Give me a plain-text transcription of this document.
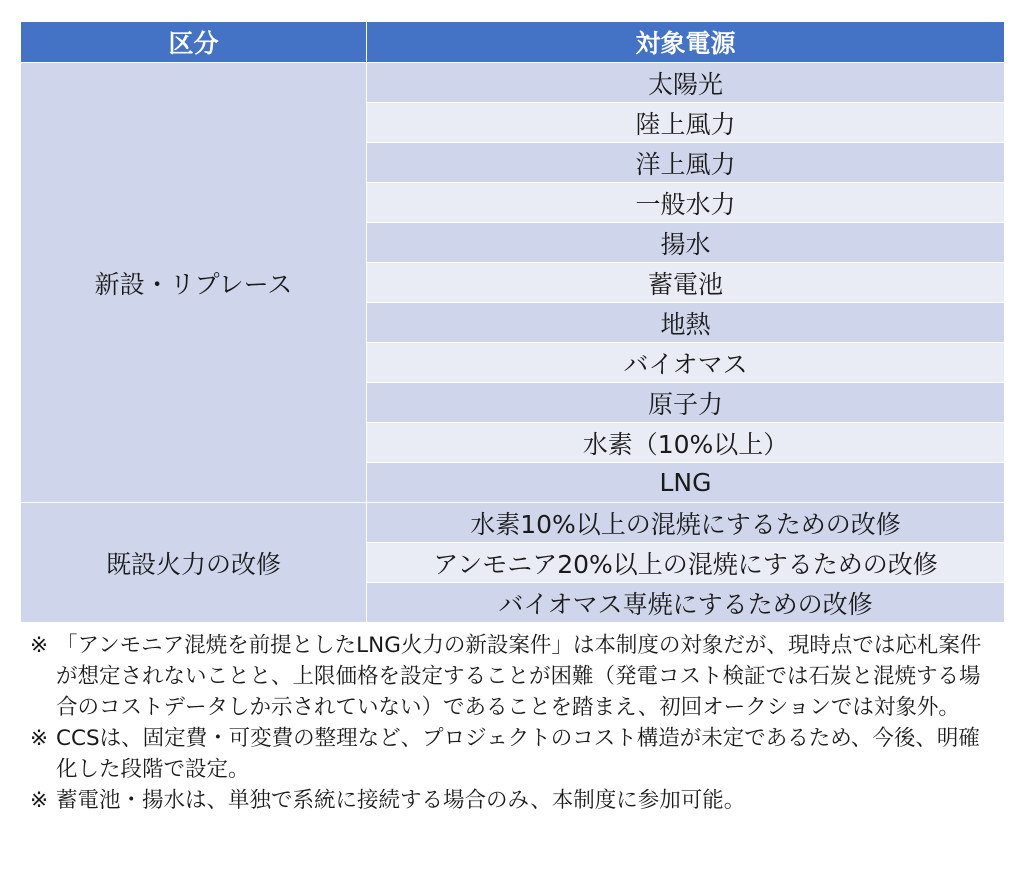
区分	対象電源
新設・リプレース	太陽光
	陸上風力
	洋上風力
	一般水力
	揚水
	蓄電池
	地熱
	バイオマス
	原子力
	水素（10%以上）
	LNG
既設火力の改修	水素10%以上の混焼にするための改修
	アンモニア20%以上の混焼にするための改修
	バイオマス専焼にするための改修
※ 「アンモニア混焼を前提としたLNG火力の新設案件」は本制度の対象だが、現時点では応札案件が想定されないことと、上限価格を設定することが困難（発電コスト検証では石炭と混焼する場合のコストデータしか示されていない）であることを踏まえ、初回オークションでは対象外。
※ CCSは、固定費・可変費の整理など、プロジェクトのコスト構造が未定であるため、今後、明確化した段階で設定。
※ 蓄電池・揚水は、単独で系統に接続する場合のみ、本制度に参加可能。
